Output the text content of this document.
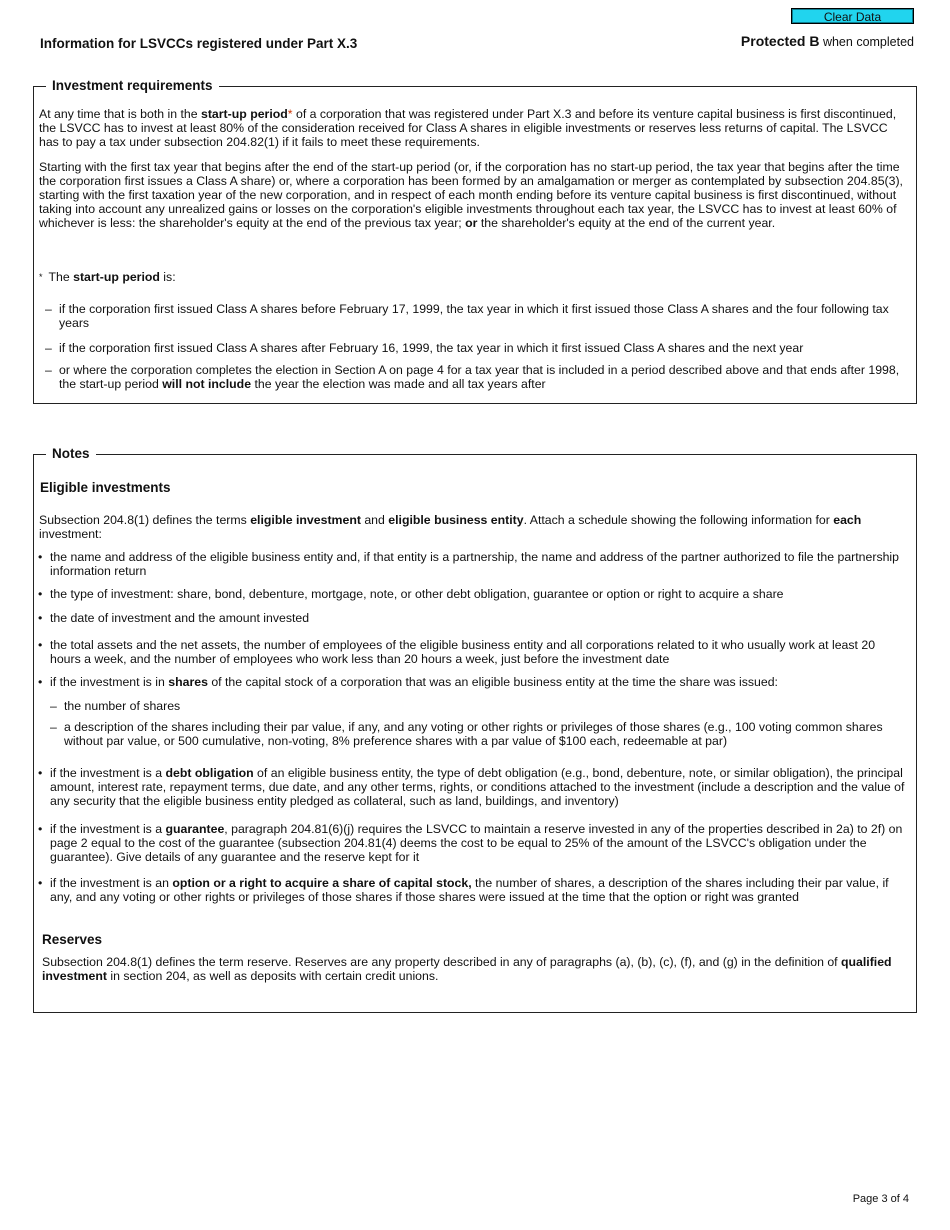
Clear Data
Information for LSVCCs registered under Part X.3	Protected B when completed
Investment requirements
At any time that is both in the start-up period* of a corporation that was registered under Part X.3 and before its venture capital business is first discontinued, the LSVCC has to invest at least 80% of the consideration received for Class A shares in eligible investments or reserves less returns of capital. The LSVCC has to pay a tax under subsection 204.82(1) if it fails to meet these requirements.
Starting with the first tax year that begins after the end of the start-up period (or, if the corporation has no start-up period, the tax year that begins after the time the corporation first issues a Class A share) or, where a corporation has been formed by an amalgamation or merger as contemplated by subsection 204.85(3), starting with the first taxation year of the new corporation, and in respect of each month ending before its venture capital business is first discontinued, without taking into account any unrealized gains or losses on the corporation's eligible investments throughout each tax year, the LSVCC has to invest at least 60% of whichever is less: the shareholder's equity at the end of the previous tax year; or the shareholder's equity at the end of the current year.
* The start-up period is:
– if the corporation first issued Class A shares before February 17, 1999, the tax year in which it first issued those Class A shares and the four following tax years
– if the corporation first issued Class A shares after February 16, 1999, the tax year in which it first issued Class A shares and the next year
– or where the corporation completes the election in Section A on page 4 for a tax year that is included in a period described above and that ends after 1998, the start-up period will not include the year the election was made and all tax years after
Notes
Eligible investments
Subsection 204.8(1) defines the terms eligible investment and eligible business entity. Attach a schedule showing the following information for each investment:
• the name and address of the eligible business entity and, if that entity is a partnership, the name and address of the partner authorized to file the partnership information return
• the type of investment: share, bond, debenture, mortgage, note, or other debt obligation, guarantee or option or right to acquire a share
• the date of investment and the amount invested
• the total assets and the net assets, the number of employees of the eligible business entity and all corporations related to it who usually work at least 20 hours a week, and the number of employees who work less than 20 hours a week, just before the investment date
• if the investment is in shares of the capital stock of a corporation that was an eligible business entity at the time the share was issued:
– the number of shares
– a description of the shares including their par value, if any, and any voting or other rights or privileges of those shares (e.g., 100 voting common shares without par value, or 500 cumulative, non-voting, 8% preference shares with a par value of $100 each, redeemable at par)
• if the investment is a debt obligation of an eligible business entity, the type of debt obligation (e.g., bond, debenture, note, or similar obligation), the principal amount, interest rate, repayment terms, due date, and any other terms, rights, or conditions attached to the investment (include a description and the value of any security that the eligible business entity pledged as collateral, such as land, buildings, and inventory)
• if the investment is a guarantee, paragraph 204.81(6)(j) requires the LSVCC to maintain a reserve invested in any of the properties described in 2a) to 2f) on page 2 equal to the cost of the guarantee (subsection 204.81(4) deems the cost to be equal to 25% of the amount of the LSVCC's obligation under the guarantee). Give details of any guarantee and the reserve kept for it
• if the investment is an option or a right to acquire a share of capital stock, the number of shares, a description of the shares including their par value, if any, and any voting or other rights or privileges of those shares if those shares were issued at the time that the option or right was granted
Reserves
Subsection 204.8(1) defines the term reserve. Reserves are any property described in any of paragraphs (a), (b), (c), (f), and (g) in the definition of qualified investment in section 204, as well as deposits with certain credit unions.
Page 3 of 4
